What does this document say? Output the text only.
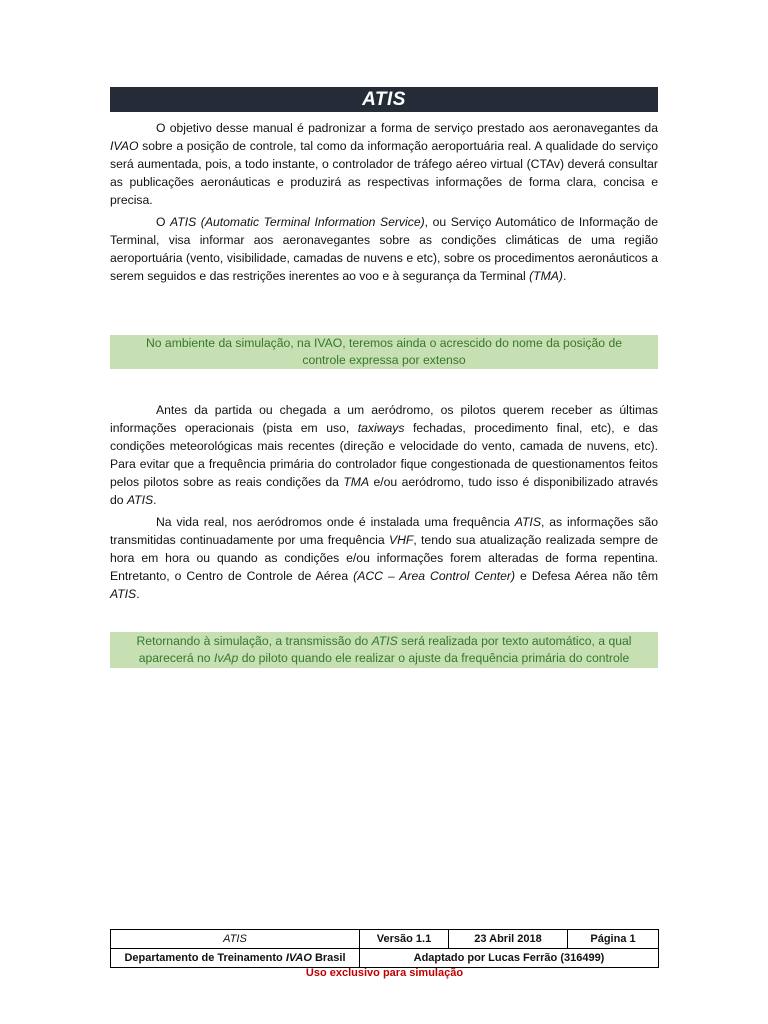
ATIS

O objetivo desse manual é padronizar a forma de serviço prestado aos aeronavegantes da IVAO sobre a posição de controle, tal como da informação aeroportuária real. A qualidade do serviço será aumentada, pois, a todo instante, o controlador de tráfego aéreo virtual (CTAv) deverá consultar as publicações aeronáuticas e produzirá as respectivas informações de forma clara, concisa e precisa.

O ATIS (Automatic Terminal Information Service), ou Serviço Automático de Informação de Terminal, visa informar aos aeronavegantes sobre as condições climáticas de uma região aeroportuária (vento, visibilidade, camadas de nuvens e etc), sobre os procedimentos aeronáuticos a serem seguidos e das restrições inerentes ao voo e à segurança da Terminal (TMA).

No ambiente da simulação, na IVAO, teremos ainda o acrescido do nome da posição de
controle expressa por extenso

Antes da partida ou chegada a um aeródromo, os pilotos querem receber as últimas informações operacionais (pista em uso, taxiways fechadas, procedimento final, etc), e das condições meteorológicas mais recentes (direção e velocidade do vento, camada de nuvens, etc). Para evitar que a frequência primária do controlador fique congestionada de questionamentos feitos pelos pilotos sobre as reais condições da TMA e/ou aeródromo, tudo isso é disponibilizado através do ATIS.

Na vida real, nos aeródromos onde é instalada uma frequência ATIS, as informações são transmitidas continuadamente por uma frequência VHF, tendo sua atualização realizada sempre de hora em hora ou quando as condições e/ou informações forem alteradas de forma repentina. Entretanto, o Centro de Controle de Aérea (ACC – Area Control Center) e Defesa Aérea não têm ATIS.

Retornando à simulação, a transmissão do ATIS será realizada por texto automático, a qual
aparecerá no IvAp do piloto quando ele realizar o ajuste da frequência primária do controle
ATIS	Versão 1.1	23 Abril 2018	Página 1
Departamento de Treinamento IVAO Brasil	Adaptado por Lucas Ferrão (316499)		
Uso exclusivo para simulação
